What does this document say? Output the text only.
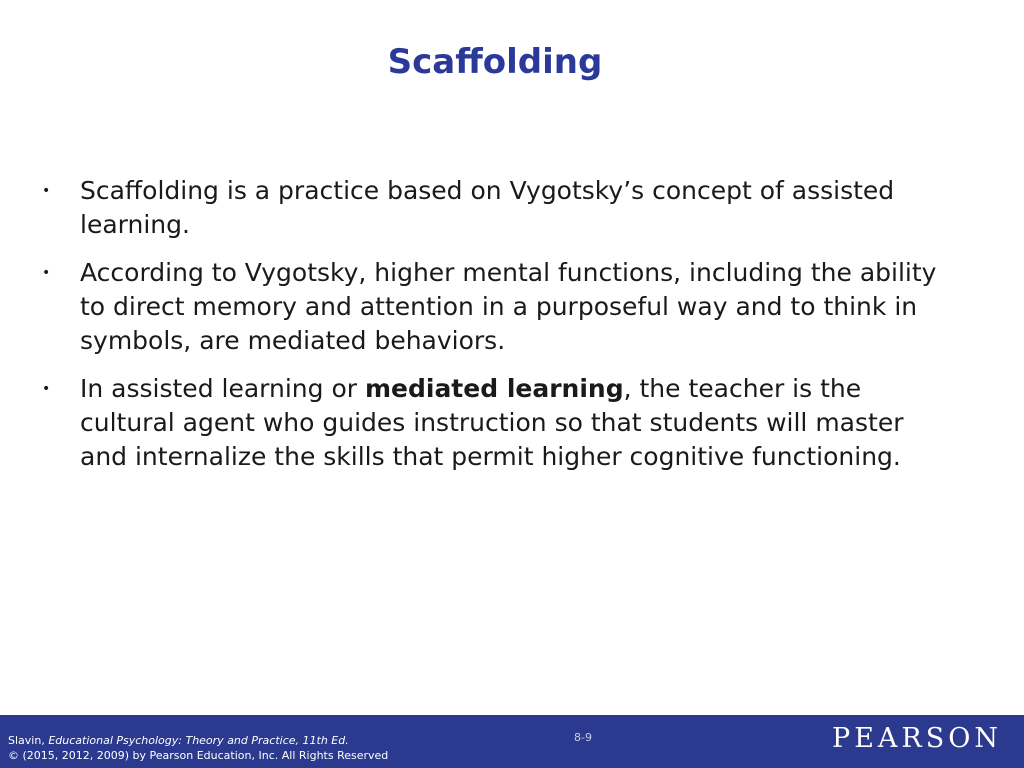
Scaffolding
• Scaffolding is a practice based on Vygotsky’s concept of assisted learning.
• According to Vygotsky, higher mental functions, including the ability to direct memory and attention in a purposeful way and to think in symbols, are mediated behaviors.
• In assisted learning or mediated learning, the teacher is the cultural agent who guides instruction so that students will master and internalize the skills that permit higher cognitive functioning.
Slavin, Educational Psychology: Theory and Practice, 11th Ed.
© (2015, 2012, 2009) by Pearson Education, Inc. All Rights Reserved
8-9	PEARSON
